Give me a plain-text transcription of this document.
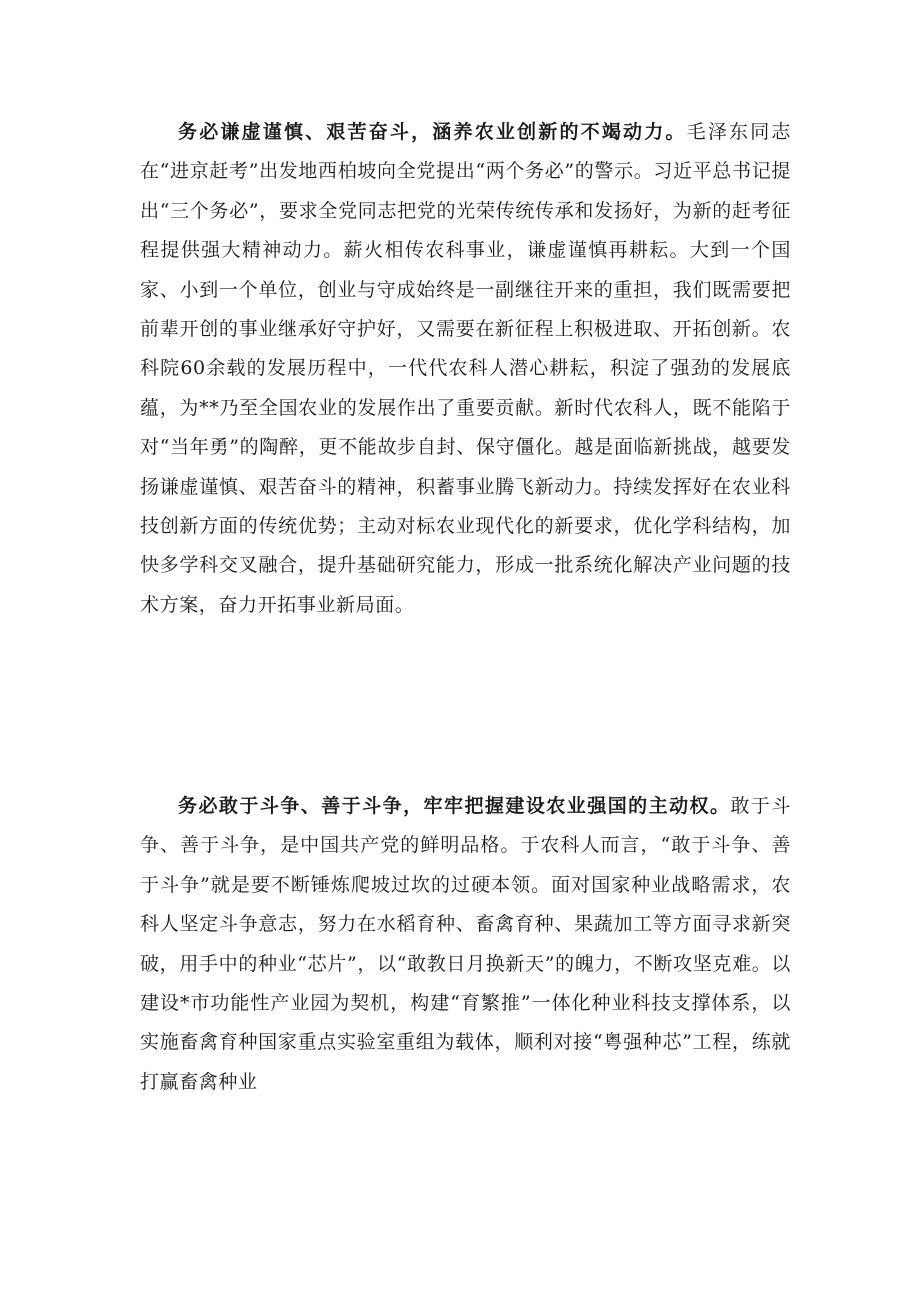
务必谦虚谨慎、艰苦奋斗，涵养农业创新的不竭动力。毛泽东同志在“进京赶考”出发地西柏坡向全党提出“两个务必”的警示。习近平总书记提出“三个务必”，要求全党同志把党的光荣传统传承和发扬好，为新的赶考征程提供强大精神动力。薪火相传农科事业，谦虚谨慎再耕耘。大到一个国家、小到一个单位，创业与守成始终是一副继往开来的重担，我们既需要把前辈开创的事业继承好守护好，又需要在新征程上积极进取、开拓创新。农科院60余载的发展历程中，一代代农科人潜心耕耘，积淀了强劲的发展底蕴，为**乃至全国农业的发展作出了重要贡献。新时代农科人，既不能陷于对“当年勇”的陶醉，更不能故步自封、保守僵化。越是面临新挑战，越要发扬谦虚谨慎、艰苦奋斗的精神，积蓄事业腾飞新动力。持续发挥好在农业科技创新方面的传统优势；主动对标农业现代化的新要求，优化学科结构，加快多学科交叉融合，提升基础研究能力，形成一批系统化解决产业问题的技术方案，奋力开拓事业新局面。

务必敢于斗争、善于斗争，牢牢把握建设农业强国的主动权。敢于斗争、善于斗争，是中国共产党的鲜明品格。于农科人而言，“敢于斗争、善于斗争”就是要不断锤炼爬坡过坎的过硬本领。面对国家种业战略需求，农科人坚定斗争意志，努力在水稻育种、畜禽育种、果蔬加工等方面寻求新突破，用手中的种业“芯片”，以“敢教日月换新天”的魄力，不断攻坚克难。以建设*市功能性产业园为契机，构建“育繁推”一体化种业科技支撑体系，以实施畜禽育种国家重点实验室重组为载体，顺利对接“粤强种芯”工程，练就打赢畜禽种业
